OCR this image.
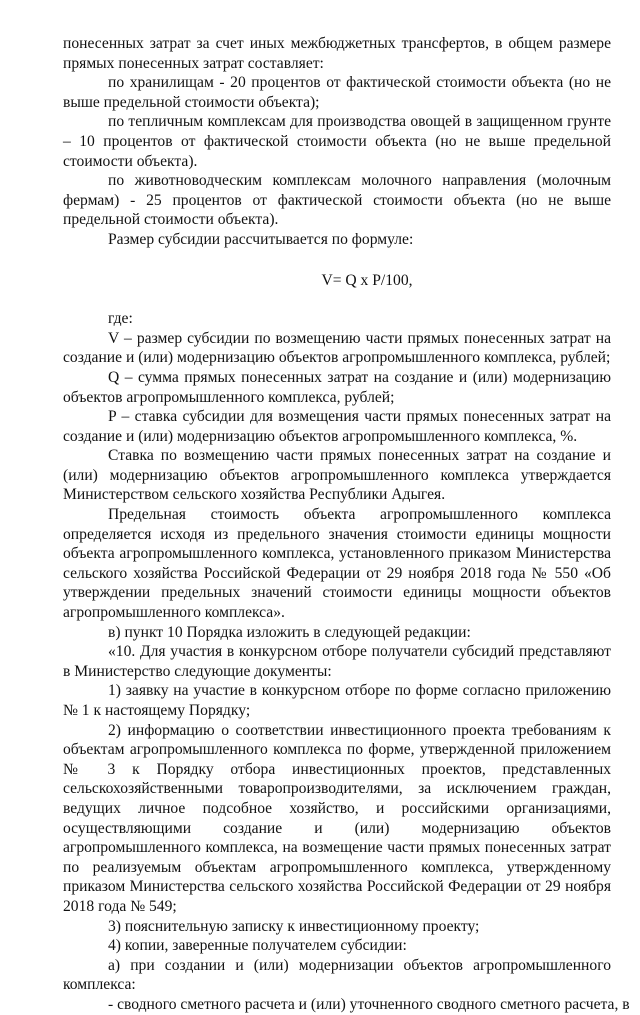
понесенных затрат за счет иных межбюджетных трансфертов, в общем размере прямых понесенных затрат составляет:

по хранилищам - 20 процентов от фактической стоимости объекта (но не выше предельной стоимости объекта);

по тепличным комплексам для производства овощей в защищенном грунте – 10 процентов от фактической стоимости объекта (но не выше предельной стоимости объекта).

по животноводческим комплексам молочного направления (молочным фермам) - 25 процентов от фактической стоимости объекта (но не выше предельной стоимости объекта).

Размер субсидии рассчитывается по формуле:

V= Q x P/100,

где:

V – размер субсидии по возмещению части прямых понесенных затрат на создание и (или) модернизацию объектов агропромышленного комплекса, рублей;

Q – сумма прямых понесенных затрат на создание и (или) модернизацию объектов агропромышленного комплекса, рублей;

P – ставка субсидии для возмещения части прямых понесенных затрат на создание и (или) модернизацию объектов агропромышленного комплекса, %.

Ставка по возмещению части прямых понесенных затрат на создание и (или) модернизацию объектов агропромышленного комплекса утверждается Министерством сельского хозяйства Республики Адыгея.

Предельная стоимость объекта агропромышленного комплекса определяется исходя из предельного значения стоимости единицы мощности объекта агропромышленного комплекса, установленного приказом Министерства сельского хозяйства Российской Федерации от 29 ноября 2018 года № 550 «Об утверждении предельных значений стоимости единицы мощности объектов агропромышленного комплекса».

в) пункт 10 Порядка изложить в следующей редакции:

«10. Для участия в конкурсном отборе получатели субсидий представляют в Министерство следующие документы:

1) заявку на участие в конкурсном отборе по форме согласно приложению № 1 к настоящему Порядку;

2) информацию о соответствии инвестиционного проекта требованиям к объектам агропромышленного комплекса по форме, утвержденной приложением № 3 к Порядку отбора инвестиционных проектов, представленных сельскохозяйственными товаропроизводителями, за исключением граждан, ведущих личное подсобное хозяйство, и российскими организациями, осуществляющими создание и (или) модернизацию объектов агропромышленного комплекса, на возмещение части прямых понесенных затрат по реализуемым объектам агропромышленного комплекса, утвержденному приказом Министерства сельского хозяйства Российской Федерации от 29 ноября 2018 года № 549;

3) пояснительную записку к инвестиционному проекту;

4) копии, заверенные получателем субсидии:

а) при создании и (или) модернизации объектов агропромышленного комплекса:

- сводного сметного расчета и (или) уточненного сводного сметного расчета, в
